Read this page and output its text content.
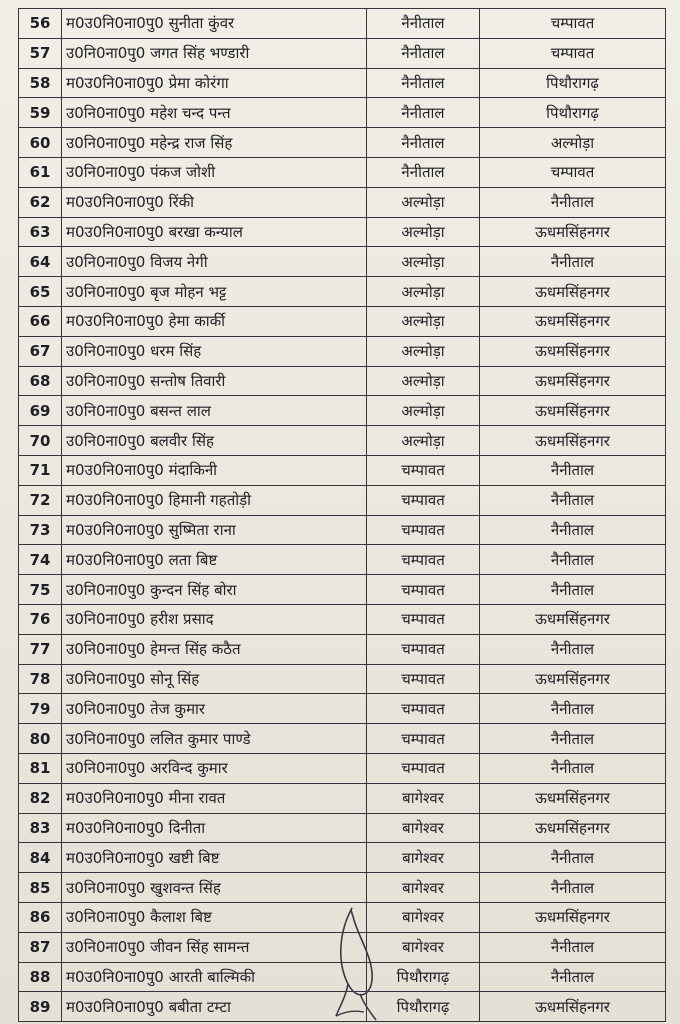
56	म0उ0नि0ना0पु0 सुनीता कुंवर	नैनीताल	चम्पावत
57	उ0नि0ना0पु0 जगत सिंह भण्डारी	नैनीताल	चम्पावत
58	म0उ0नि0ना0पु0 प्रेमा कोरंगा	नैनीताल	पिथौरागढ़
59	उ0नि0ना0पु0 महेश चन्द पन्त	नैनीताल	पिथौरागढ़
60	उ0नि0ना0पु0 महेन्द्र राज सिंह	नैनीताल	अल्मोड़ा
61	उ0नि0ना0पु0 पंकज जोशी	नैनीताल	चम्पावत
62	म0उ0नि0ना0पु0 रिंकी	अल्मोड़ा	नैनीताल
63	म0उ0नि0ना0पु0 बरखा कन्याल	अल्मोड़ा	ऊधमसिंहनगर
64	उ0नि0ना0पु0 विजय नेगी	अल्मोड़ा	नैनीताल
65	उ0नि0ना0पु0 बृज मोहन भट्ट	अल्मोड़ा	ऊधमसिंहनगर
66	म0उ0नि0ना0पु0 हेमा कार्की	अल्मोड़ा	ऊधमसिंहनगर
67	उ0नि0ना0पु0 धरम सिंह	अल्मोड़ा	ऊधमसिंहनगर
68	उ0नि0ना0पु0 सन्तोष तिवारी	अल्मोड़ा	ऊधमसिंहनगर
69	उ0नि0ना0पु0 बसन्त लाल	अल्मोड़ा	ऊधमसिंहनगर
70	उ0नि0ना0पु0 बलवीर सिंह	अल्मोड़ा	ऊधमसिंहनगर
71	म0उ0नि0ना0पु0 मंदाकिनी	चम्पावत	नैनीताल
72	म0उ0नि0ना0पु0 हिमानी गहतोड़ी	चम्पावत	नैनीताल
73	म0उ0नि0ना0पु0 सुष्मिता राना	चम्पावत	नैनीताल
74	म0उ0नि0ना0पु0 लता बिष्ट	चम्पावत	नैनीताल
75	उ0नि0ना0पु0 कुन्दन सिंह बोरा	चम्पावत	नैनीताल
76	उ0नि0ना0पु0 हरीश प्रसाद	चम्पावत	ऊधमसिंहनगर
77	उ0नि0ना0पु0 हेमन्त सिंह कठैत	चम्पावत	नैनीताल
78	उ0नि0ना0पु0 सोनू सिंह	चम्पावत	ऊधमसिंहनगर
79	उ0नि0ना0पु0 तेज कुमार	चम्पावत	नैनीताल
80	उ0नि0ना0पु0 ललित कुमार पाण्डे	चम्पावत	नैनीताल
81	उ0नि0ना0पु0 अरविन्द कुमार	चम्पावत	नैनीताल
82	म0उ0नि0ना0पु0 मीना रावत	बागेश्वर	ऊधमसिंहनगर
83	म0उ0नि0ना0पु0 दिनीता	बागेश्वर	ऊधमसिंहनगर
84	म0उ0नि0ना0पु0 खष्टी बिष्ट	बागेश्वर	नैनीताल
85	उ0नि0ना0पु0 खुशवन्त सिंह	बागेश्वर	नैनीताल
86	उ0नि0ना0पु0 कैलाश बिष्ट	बागेश्वर	ऊधमसिंहनगर
87	उ0नि0ना0पु0 जीवन सिंह सामन्त	बागेश्वर	नैनीताल
88	म0उ0नि0ना0पु0 आरती बाल्मिकी	पिथौरागढ़	नैनीताल
89	म0उ0नि0ना0पु0 बबीता टम्टा	पिथौरागढ़	ऊधमसिंहनगर
